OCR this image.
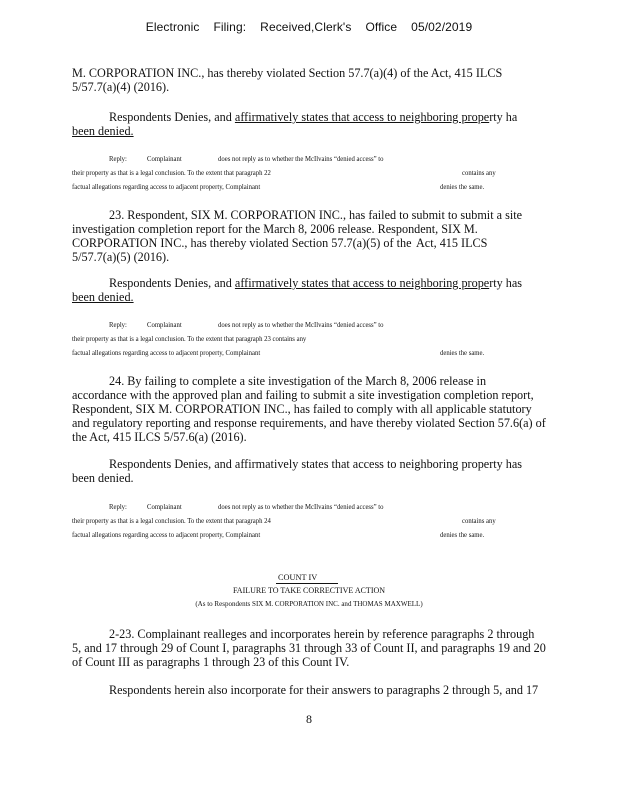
Electronic Filing: Received,Clerk's Office 05/02/2019
M. CORPORATION INC., has thereby violated Section 57.7(a)(4) of the Act, 415 ILCS
5/57.7(a)(4) (2016).
Respondents Denies, and affirmatively states that access to neighboring property ha
been denied.
Reply:	Complainant	does not reply as to whether the McIlvains “denied access” to
their property as that is a legal conclusion. To the extent that paragraph 22	contains any
factual allegations regarding access to adjacent property, Complainant	denies the same.
23. Respondent, SIX M. CORPORATION INC., has failed to submit to submit a site
investigation completion report for the March 8, 2006 release. Respondent, SIX M.
CORPORATION INC., has thereby violated Section 57.7(a)(5) of the Act, 415 ILCS
5/57.7(a)(5) (2016).
Respondents Denies, and affirmatively states that access to neighboring property has
been denied.
Reply:	Complainant	does not reply as to whether the McIlvains “denied access” to
their property as that is a legal conclusion. To the extent that paragraph 23 contains any
factual allegations regarding access to adjacent property, Complainant	denies the same.
24. By failing to complete a site investigation of the March 8, 2006 release in
accordance with the approved plan and failing to submit a site investigation completion report,
Respondent, SIX M. CORPORATION INC., has failed to comply with all applicable statutory
and regulatory reporting and response requirements, and have thereby violated Section 57.6(a) of
the Act, 415 ILCS 5/57.6(a) (2016).
Respondents Denies, and affirmatively states that access to neighboring property has
been denied.
Reply:	Complainant	does not reply as to whether the McIlvains “denied access” to
their property as that is a legal conclusion. To the extent that paragraph 24	contains any
factual allegations regarding access to adjacent property, Complainant	denies the same.
COUNT IV
FAILURE TO TAKE CORRECTIVE ACTION
(As to Respondents SIX M. CORPORATION INC. and THOMAS MAXWELL)
2-23. Complainant realleges and incorporates herein by reference paragraphs 2 through
5, and 17 through 29 of Count I, paragraphs 31 through 33 of Count II, and paragraphs 19 and 20
of Count III as paragraphs 1 through 23 of this Count IV.
Respondents herein also incorporate for their answers to paragraphs 2 through 5, and 17
8
